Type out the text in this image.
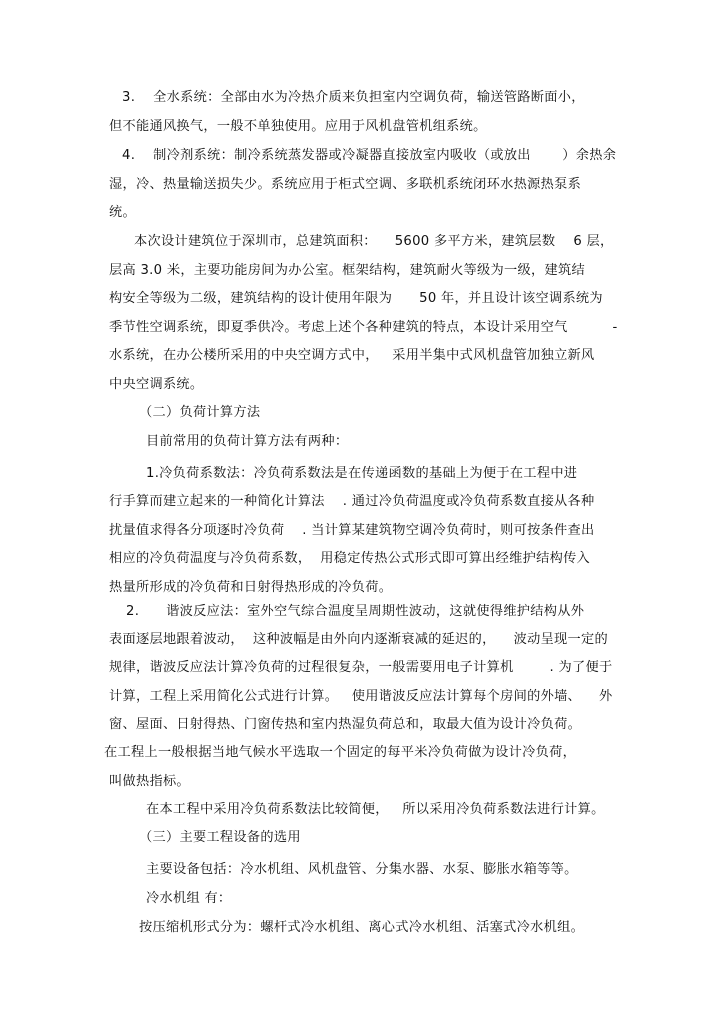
3.    全水系统：全部由水为冷热介质来负担室内空调负荷，输送管路断面小，
但不能通风换气，一般不单独使用。应用于风机盘管机组系统。
4.    制冷剂系统：制冷系统蒸发器或冷凝器直接放室内吸收（或放出       ）余热余
湿，冷、热量输送损失少。系统应用于柜式空调、多联机系统闭环水热源热泵系
统。
本次设计建筑位于深圳市，总建筑面积：    5600 多平方米，建筑层数    6 层，
层高 3.0 米，主要功能房间为办公室。框架结构，建筑耐火等级为一级，建筑结
构安全等级为二级，建筑结构的设计使用年限为      50 年，并且设计该空调系统为
季节性空调系统，即夏季供冷。考虑上述个各种建筑的特点，本设计采用空气          -
水系统，在办公楼所采用的中央空调方式中，   采用半集中式风机盘管加独立新风
中央空调系统。
（二）负荷计算方法
目前常用的负荷计算方法有两种：
1.冷负荷系数法：冷负荷系数法是在传递函数的基础上为便于在工程中进
行手算而建立起来的一种简化计算法    . 通过冷负荷温度或冷负荷系数直接从各种
扰量值求得各分项逐时冷负荷    . 当计算某建筑物空调冷负荷时，则可按条件查出
相应的冷负荷温度与冷负荷系数，  用稳定传热公式形式即可算出经维护结构传入
热量所形成的冷负荷和日射得热形成的冷负荷。
2.      谐波反应法：室外空气综合温度呈周期性波动，这就使得维护结构从外
表面逐层地跟着波动，  这种波幅是由外向内逐渐衰减的延迟的，    波动呈现一定的
规律，谐波反应法计算冷负荷的过程很复杂，一般需要用电子计算机        . 为了便于
计算，工程上采用简化公式进行计算。   使用谐波反应法计算每个房间的外墙、    外
窗、屋面、日射得热、门窗传热和室内热湿负荷总和，取最大值为设计冷负荷。
在工程上一般根据当地气候水平选取一个固定的每平米冷负荷做为设计冷负荷，
叫做热指标。
在本工程中采用冷负荷系数法比较简便，   所以采用冷负荷系数法进行计算。
（三）主要工程设备的选用
主要设备包括：冷水机组、风机盘管、分集水器、水泵、膨胀水箱等等。
冷水机组 有：
按压缩机形式分为：螺杆式冷水机组、离心式冷水机组、活塞式冷水机组。
